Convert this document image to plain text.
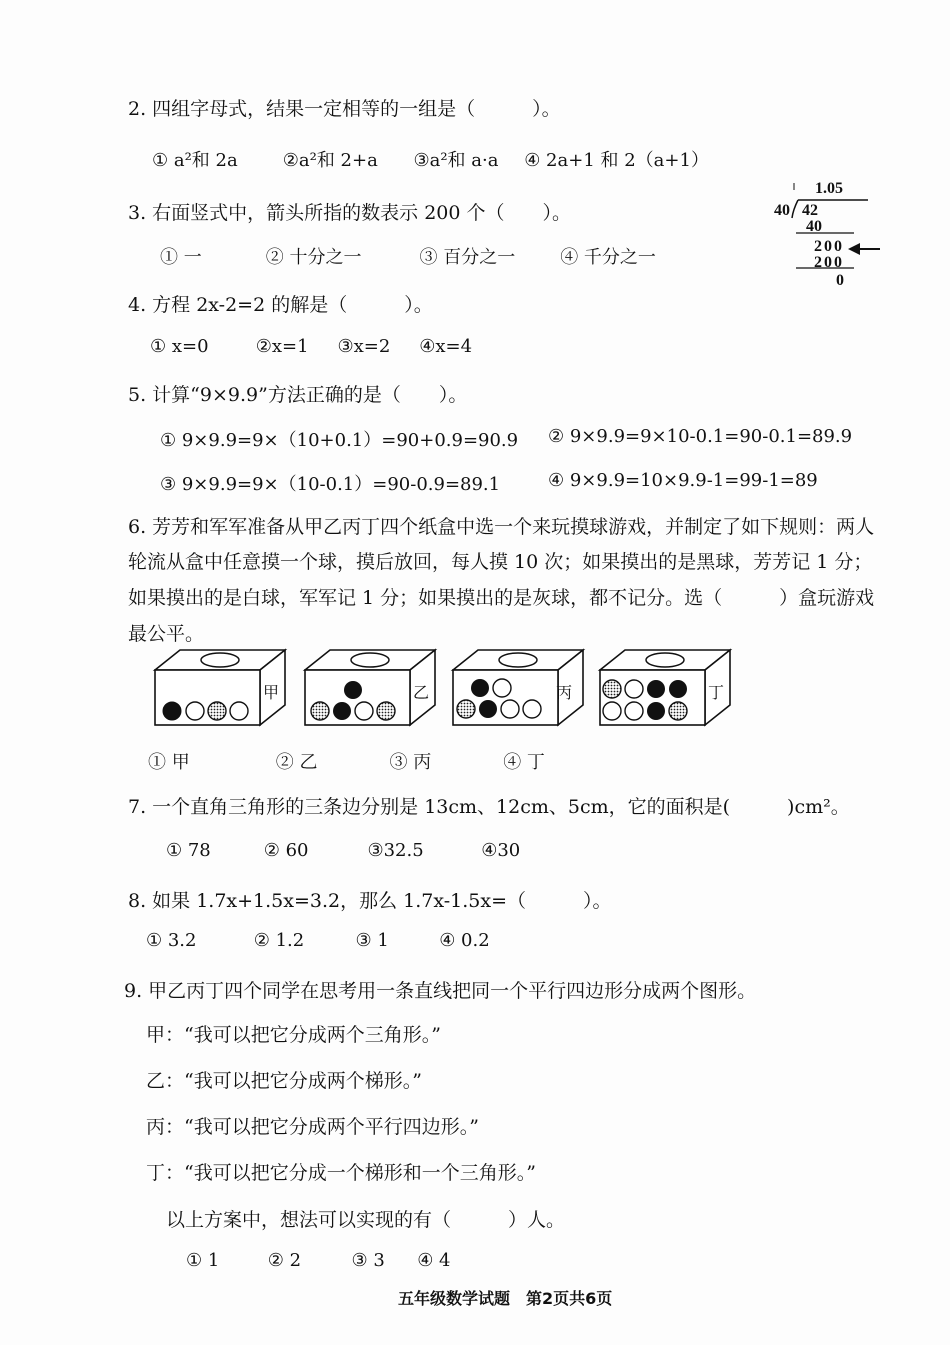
2. 四组字母式，结果一定相等的一组是（　　　）。
① a²和 2a	②a²和 2+a ③a²和 a·a ④ 2a+1 和 2（a+1）
3. 右面竖式中，箭头所指的数表示 200 个（　　）。
① 一	② 十分之一	③ 百分之一	④ 千分之一
1.05
40 42
40
200
200
0
4. 方程 2x-2=2 的解是（　　　）。
① x=0	②x=1 ③x=2 ④x=4
5. 计算“9×9.9”方法正确的是（　　）。
① 9×9.9=9×（10+0.1）=90+0.9=90.9 ② 9×9.9=9×10-0.1=90-0.1=89.9
③ 9×9.9=9×（10-0.1）=90-0.9=89.1	④ 9×9.9=10×9.9-1=99-1=89
6. 芳芳和军军准备从甲乙丙丁四个纸盒中选一个来玩摸球游戏，并制定了如下规则：两人
轮流从盒中任意摸一个球，摸后放回，每人摸 10 次；如果摸出的是黑球，芳芳记 1 分；
如果摸出的是白球，军军记 1 分；如果摸出的是灰球，都不记分。选（　　　）盒玩游戏
最公平。
甲	乙	丙	丁
① 甲	② 乙	③ 丙	④ 丁
7. 一个直角三角形的三条边分别是 13cm、12cm、5cm，它的面积是(　　　)cm²。
① 78	② 60	③32.5	④30
8. 如果 1.7x+1.5x=3.2，那么 1.7x-1.5x=（　　　）。
① 3.2	② 1.2	③ 1	④ 0.2
9. 甲乙丙丁四个同学在思考用一条直线把同一个平行四边形分成两个图形。
甲：“我可以把它分成两个三角形。”
乙：“我可以把它分成两个梯形。”
丙：“我可以把它分成两个平行四边形。”
丁：“我可以把它分成一个梯形和一个三角形。”
以上方案中，想法可以实现的有（　　　）人。
① 1	② 2	③ 3 ④ 4
五年级数学试题　第2页共6页
